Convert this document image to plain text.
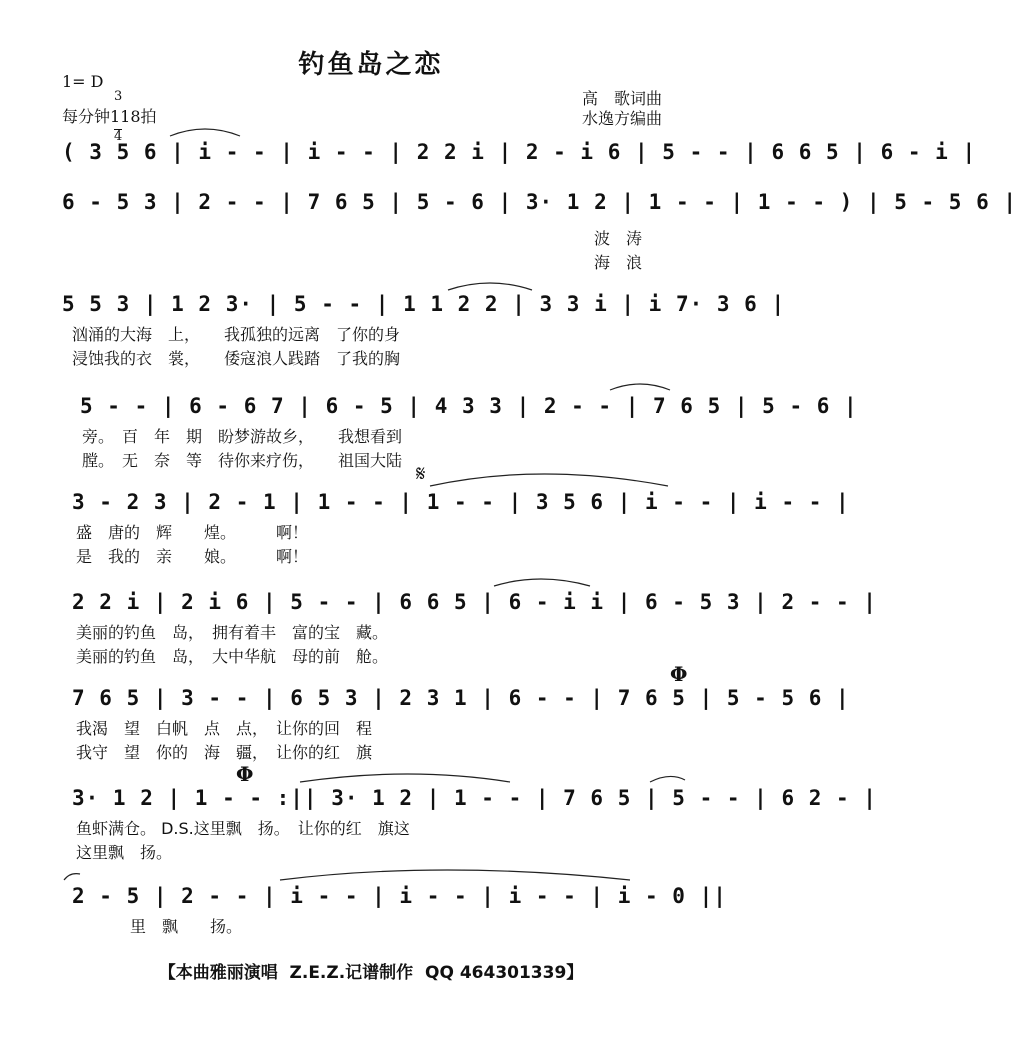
钓鱼岛之恋
1= D

3

4

每分钟118拍
高　歌词曲
水逸方编曲
( 3 5 6 | i - - | i - - | 2 2 i | 2 - i 6 | 5 - - | 6 6 5 | 6 - i |
6 - 5 3 | 2 - - | 7 6 5 | 5 - 6 | 3· 1 2 | 1 - - | 1 - - ) | 5 - 5 6 |
波　涛
海　浪
5 5 3 | 1 2 3· | 5 - - | 1 1 2 2 | 3 3 i | i 7· 3 6 |
汹涌的大海　上，　　我孤独的远离　了你的身
浸蚀我的衣　裳，　　倭寇浪人践踏　了我的胸
5 - - | 6 - 6 7 | 6 - 5 | 4 3 3 | 2 - - | 7 6 5 | 5 - 6 |
旁。　百　年　期　盼梦游故乡，　　我想看到
膛。　无　奈　等　待你来疗伤，　　祖国大陆
3 - 2 3 | 2 - 1 | 1 - - | 1 - - | 3 5 6 | i - - | i - - |
盛　唐的　辉　　煌。　　　啊！
是　我的　亲　　娘。　　　啊！
𝄋
2 2 i | 2 i 6 | 5 - - | 6 6 5 | 6 - i i | 6 - 5 3 | 2 - - |
美丽的钓鱼　岛，　拥有着丰　富的宝　藏。
美丽的钓鱼　岛，　大中华航　母的前　舱。
7 6 5 | 3 - - | 6 5 3 | 2 3 1 | 6 - - | 7 6 5 | 5 - 5 6 |
我渴　望　白帆　点　点，　让你的回　程
我守　望　你的　海　疆，　让你的红　旗
Φ
3· 1 2 | 1 - - :|| 3· 1 2 | 1 - - | 7 6 5 | 5 - - | 6 2 - |
鱼虾满仓。 D.S.这里飘　扬。　让你的红　旗这
这里飘　扬。
Φ
2 - 5 | 2 - - | i - - | i - - | i - - | i - 0 ||
里　飘　　扬。
【本曲雅丽演唱  Z.E.Z.记谱制作  QQ 464301339】
